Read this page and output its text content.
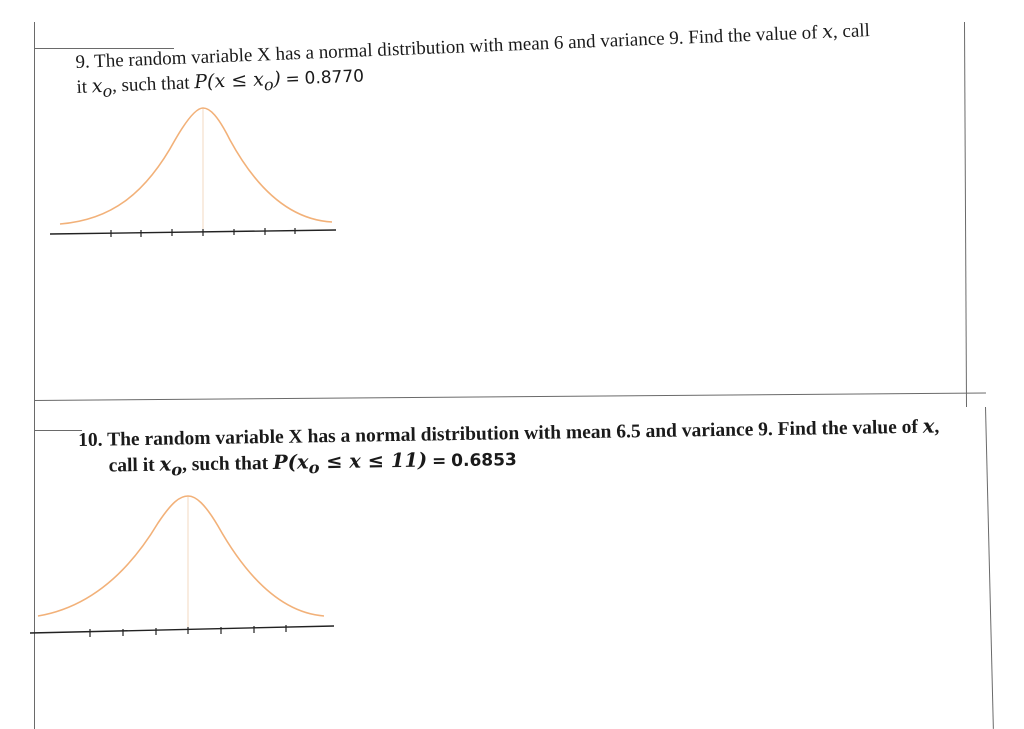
9. The random variable X has a normal distribution with mean 6 and variance 9. Find the value of x, call
it $x_o$, such that $P(x \le x_o) = 0.8770$
10. The random variable X has a normal distribution with mean 6.5 and variance 9. Find the value of x,
call it $x_o$, such that $P(x_o \le x \le 11) = 0.6853$
